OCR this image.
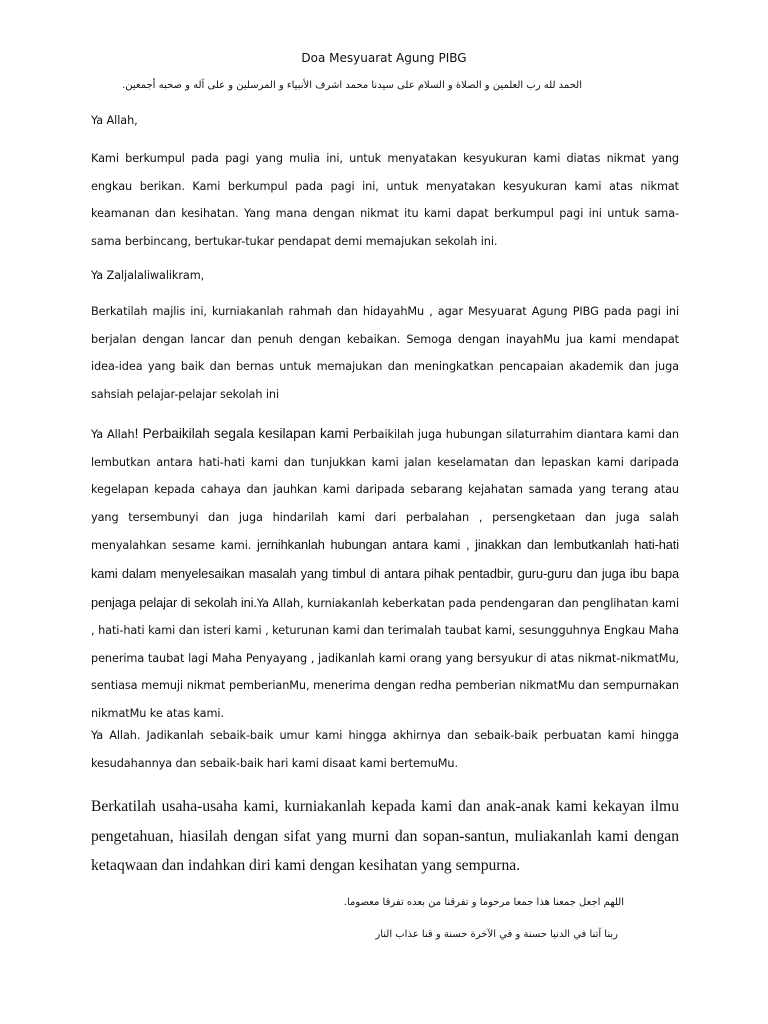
Doa Mesyuarat Agung PIBG
الحمد لله رب العلمين و الصلاة و السلام على سيدنا محمد اشرف الأنبياء و المرسلين و على آله و صحبه أجمعين.
Ya Allah,
Kami berkumpul pada pagi yang mulia ini, untuk menyatakan kesyukuran kami diatas nikmat yang engkau berikan. Kami berkumpul pada pagi ini, untuk menyatakan kesyukuran kami atas nikmat keamanan dan kesihatan. Yang mana dengan nikmat itu kami dapat berkumpul pagi ini untuk sama-sama berbincang, bertukar-tukar pendapat demi memajukan sekolah ini.
Ya Zaljalaliwalikram,
Berkatilah majlis ini, kurniakanlah rahmah dan hidayahMu , agar Mesyuarat Agung PIBG pada pagi ini berjalan dengan lancar dan penuh dengan kebaikan. Semoga dengan inayahMu jua kami mendapat idea-idea yang baik dan bernas untuk memajukan dan meningkatkan pencapaian akademik dan juga sahsiah pelajar-pelajar sekolah ini
Ya Allah! Perbaikilah segala kesilapan kami Perbaikilah juga hubungan silaturrahim diantara kami dan lembutkan antara hati-hati kami dan tunjukkan kami jalan keselamatan dan lepaskan kami daripada kegelapan kepada cahaya dan jauhkan kami daripada sebarang kejahatan samada yang terang atau yang tersembunyi dan juga hindarilah kami dari perbalahan , persengketaan dan juga salah menyalahkan sesame kami. jernihkanlah hubungan antara kami , jinakkan dan lembutkanlah hati-hati kami dalam menyelesaikan masalah yang timbul di antara pihak pentadbir, guru-guru dan juga ibu bapa penjaga pelajar di sekolah ini.Ya Allah, kurniakanlah keberkatan pada pendengaran dan penglihatan kami , hati-hati kami dan isteri kami , keturunan kami dan terimalah taubat kami, sesungguhnya Engkau Maha penerima taubat lagi Maha Penyayang , jadikanlah kami orang yang bersyukur di atas nikmat-nikmatMu, sentiasa memuji nikmat pemberianMu, menerima dengan redha pemberian nikmatMu dan sempurnakan nikmatMu ke atas kami.
Ya Allah. Jadikanlah sebaik-baik umur kami hingga akhirnya dan sebaik-baik perbuatan kami hingga kesudahannya dan sebaik-baik hari kami disaat kami bertemuMu.
Berkatilah usaha-usaha kami, kurniakanlah kepada kami dan anak-anak kami kekayan ilmu pengetahuan, hiasilah dengan sifat yang murni dan sopan-santun, muliakanlah kami dengan ketaqwaan dan indahkan diri kami dengan kesihatan yang sempurna.
اللهم اجعل جمعنا هذا جمعا مرحوما و تفرقنا من بعده تفرقا معصوما.
ربنا آتنا في الدنيا حسنة و في الآخرة حسنة و قنا عذاب النار
